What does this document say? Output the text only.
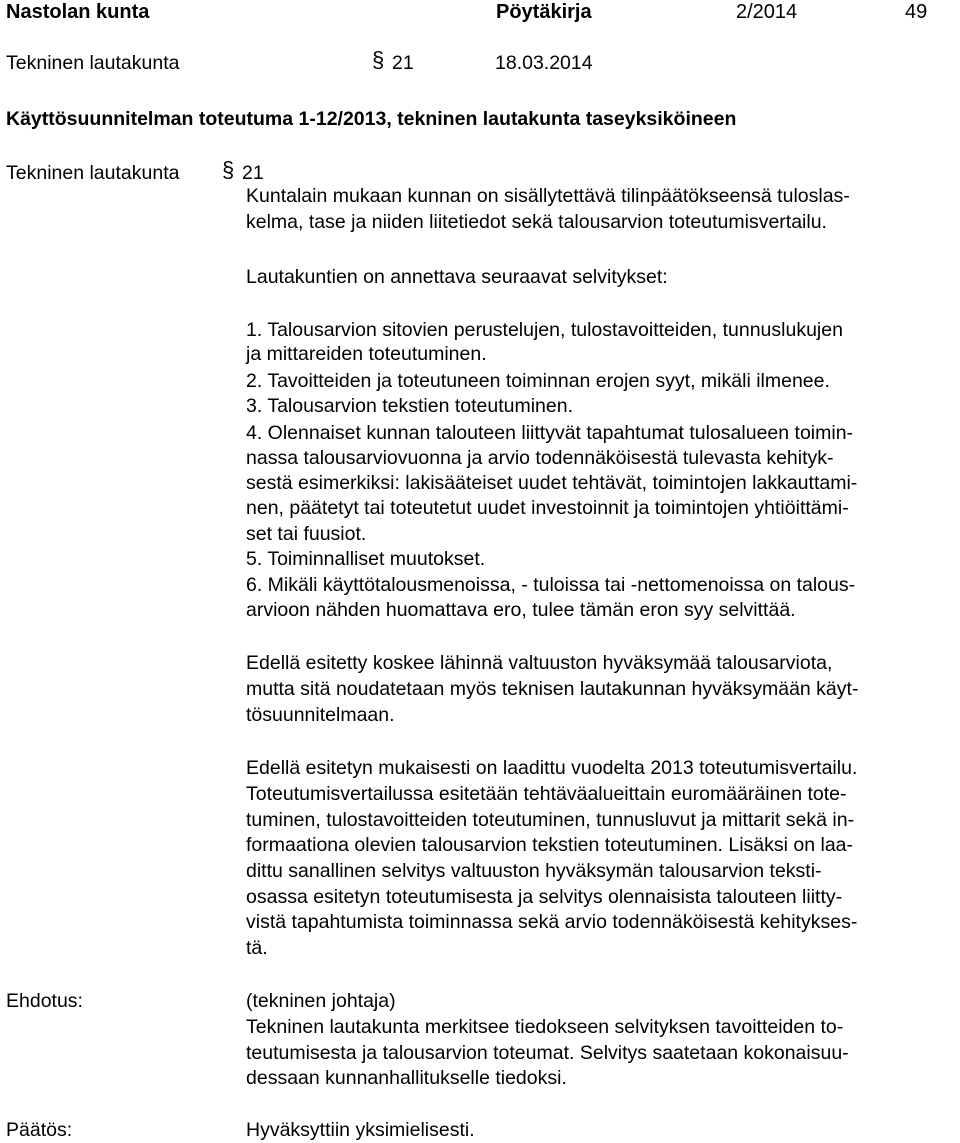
Nastolan kunta	Pöytäkirja	2/2014	49
Tekninen lautakunta	§ 21	18.03.2014
Käyttösuunnitelman toteutuma 1-12/2013, tekninen lautakunta taseyksiköineen
Tekninen lautakunta § 21
Kuntalain mukaan kunnan on sisällytettävä tilinpäätökseensä tuloslas-
kelma, tase ja niiden liitetiedot sekä talousarvion toteutumisvertailu.
Lautakuntien on annettava seuraavat selvitykset:
1. Talousarvion sitovien perustelujen, tulostavoitteiden, tunnuslukujen
ja mittareiden toteutuminen.
2. Tavoitteiden ja toteutuneen toiminnan erojen syyt, mikäli ilmenee.
3. Talousarvion tekstien toteutuminen.
4. Olennaiset kunnan talouteen liittyvät tapahtumat tulosalueen toimin-
nassa talousarviovuonna ja arvio todennäköisestä tulevasta kehityk-
sestä esimerkiksi: lakisääteiset uudet tehtävät, toimintojen lakkauttami-
nen, päätetyt tai toteutetut uudet investoinnit ja toimintojen yhtiöittämi-
set tai fuusiot.
5. Toiminnalliset muutokset.
6. Mikäli käyttötalousmenoissa, - tuloissa tai -nettomenoissa on talous-
arvioon nähden huomattava ero, tulee tämän eron syy selvittää.
Edellä esitetty koskee lähinnä valtuuston hyväksymää talousarviota,
mutta sitä noudatetaan myös teknisen lautakunnan hyväksymään käyt-
tösuunnitelmaan.
Edellä esitetyn mukaisesti on laadittu vuodelta 2013 toteutumisvertailu.
Toteutumisvertailussa esitetään tehtäväalueittain euromääräinen tote-
tuminen, tulostavoitteiden toteutuminen, tunnusluvut ja mittarit sekä in-
formaationa olevien talousarvion tekstien toteutuminen. Lisäksi on laa-
dittu sanallinen selvitys valtuuston hyväksymän talousarvion teksti-
osassa esitetyn toteutumisesta ja selvitys olennaisista talouteen liitty-
vistä tapahtumista toiminnassa sekä arvio todennäköisestä kehitykses-
tä.
Ehdotus:	(tekninen johtaja)
Tekninen lautakunta merkitsee tiedokseen selvityksen tavoitteiden to-
teutumisesta ja talousarvion toteumat. Selvitys saatetaan kokonaisuu-
dessaan kunnanhallitukselle tiedoksi.
Päätös:	Hyväksyttiin yksimielisesti.
